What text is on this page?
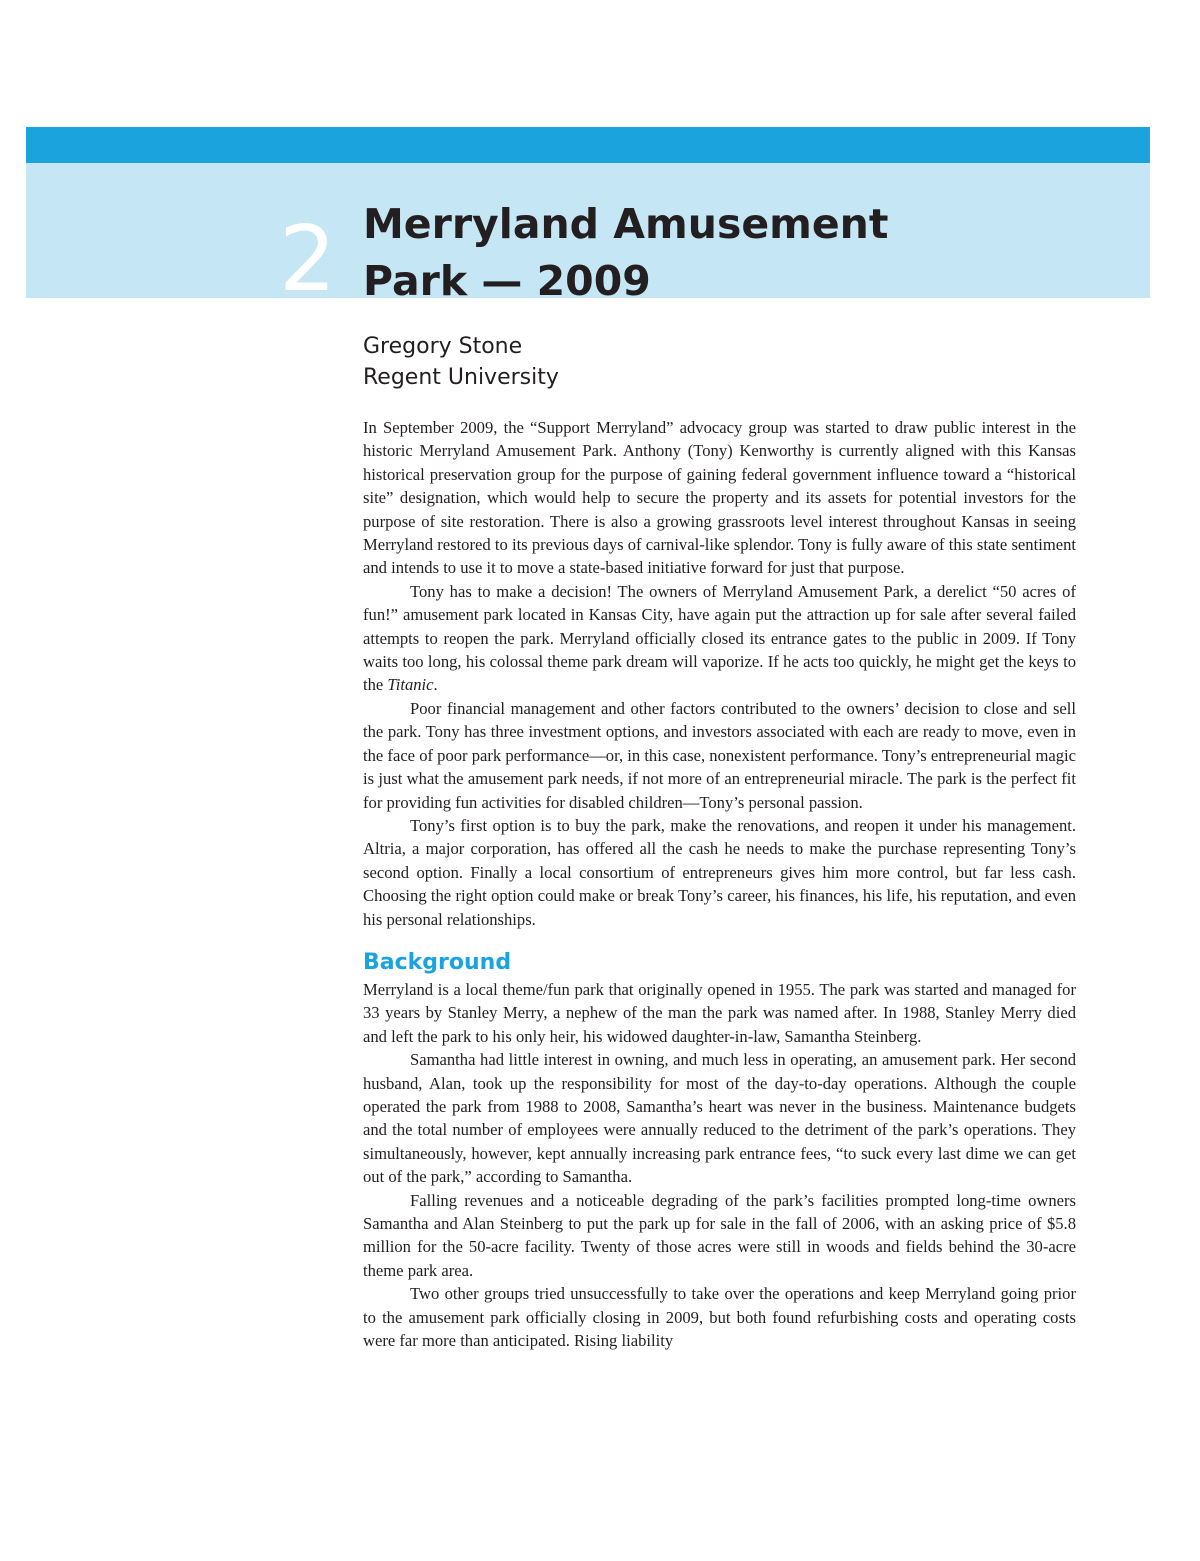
2 Merryland Amusement
Park — 2009
Gregory Stone
Regent University

In September 2009, the “Support Merryland” advocacy group was started to draw public interest in the historic Merryland Amusement Park. Anthony (Tony) Kenworthy is currently aligned with this Kansas historical preservation group for the purpose of gaining federal government influence toward a “historical site” designation, which would help to secure the property and its assets for potential investors for the purpose of site restoration. There is also a growing grassroots level interest throughout Kansas in seeing Merryland restored to its previous days of carnival-like splendor. Tony is fully aware of this state sentiment and intends to use it to move a state-based initiative forward for just that purpose.

Tony has to make a decision! The owners of Merryland Amusement Park, a derelict “50 acres of fun!” amusement park located in Kansas City, have again put the attraction up for sale after several failed attempts to reopen the park. Merryland officially closed its entrance gates to the public in 2009. If Tony waits too long, his colossal theme park dream will vaporize. If he acts too quickly, he might get the keys to the Titanic.

Poor financial management and other factors contributed to the owners’ decision to close and sell the park. Tony has three investment options, and investors associated with each are ready to move, even in the face of poor park performance—or, in this case, nonexistent performance. Tony’s entrepreneurial magic is just what the amusement park needs, if not more of an entrepreneurial miracle. The park is the perfect fit for providing fun activities for disabled children—Tony’s personal passion.

Tony’s first option is to buy the park, make the renovations, and reopen it under his management. Altria, a major corporation, has offered all the cash he needs to make the purchase representing Tony’s second option. Finally a local consortium of entrepreneurs gives him more control, but far less cash. Choosing the right option could make or break Tony’s career, his finances, his life, his reputation, and even his personal relationships.

Background

Merryland is a local theme/fun park that originally opened in 1955. The park was started and managed for 33 years by Stanley Merry, a nephew of the man the park was named after. In 1988, Stanley Merry died and left the park to his only heir, his widowed daughter-in-law, Samantha Steinberg.

Samantha had little interest in owning, and much less in operating, an amusement park. Her second husband, Alan, took up the responsibility for most of the day-to-day operations. Although the couple operated the park from 1988 to 2008, Samantha’s heart was never in the business. Maintenance budgets and the total number of employees were annually reduced to the detriment of the park’s operations. They simultaneously, however, kept annually increasing park entrance fees, “to suck every last dime we can get out of the park,” according to Samantha.

Falling revenues and a noticeable degrading of the park’s facilities prompted long-time owners Samantha and Alan Steinberg to put the park up for sale in the fall of 2006, with an asking price of $5.8 million for the 50-acre facility. Twenty of those acres were still in woods and fields behind the 30-acre theme park area.

Two other groups tried unsuccessfully to take over the operations and keep Merryland going prior to the amusement park officially closing in 2009, but both found refurbishing costs and operating costs were far more than anticipated. Rising liability
